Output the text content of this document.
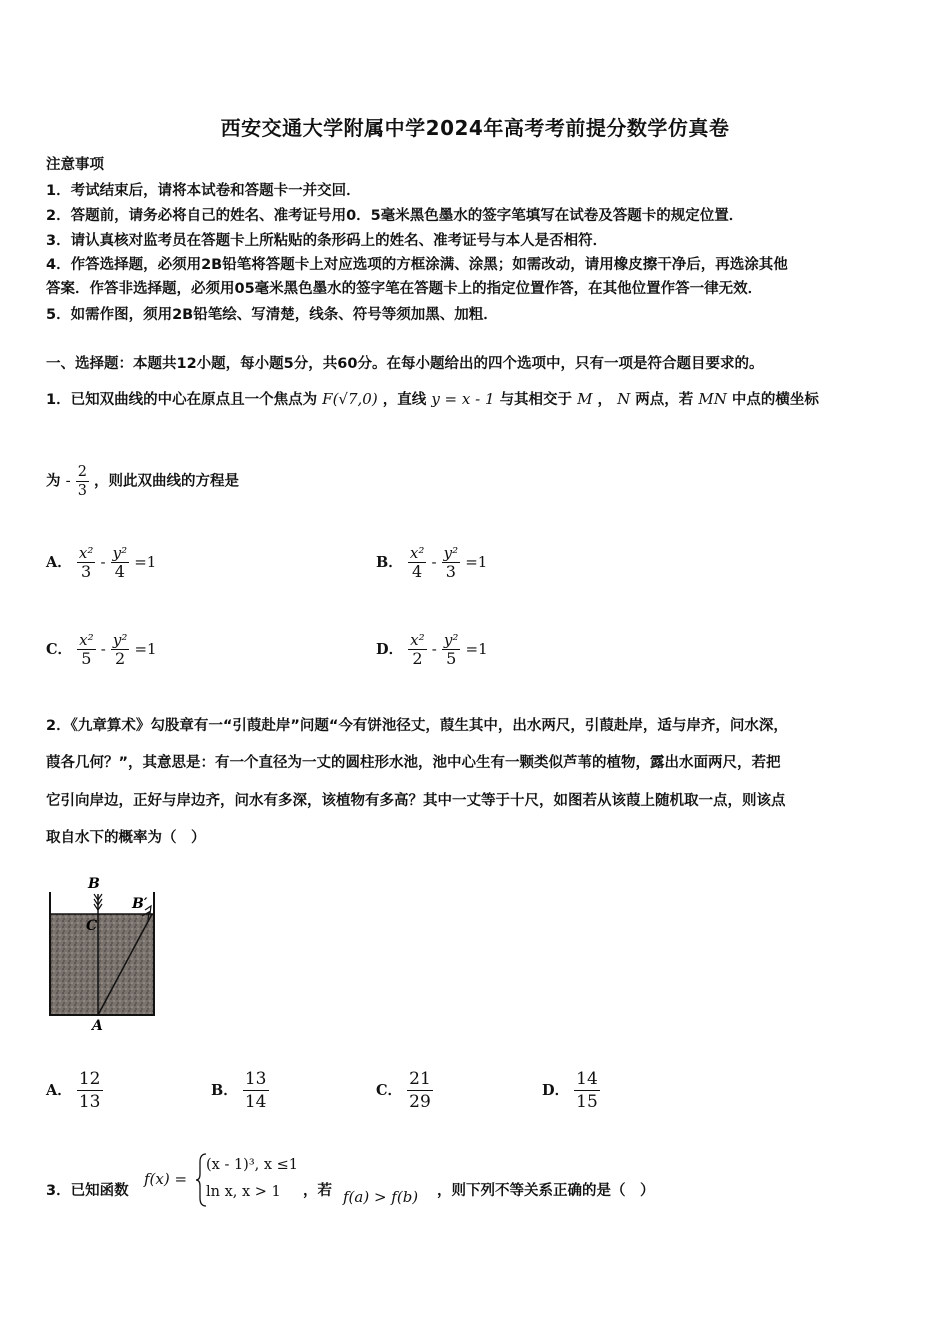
西安交通大学附属中学2024年高考考前提分数学仿真卷
注意事项
1．考试结束后，请将本试卷和答题卡一并交回．
2．答题前，请务必将自己的姓名、准考证号用0．5毫米黑色墨水的签字笔填写在试卷及答题卡的规定位置．
3．请认真核对监考员在答题卡上所粘贴的条形码上的姓名、准考证号与本人是否相符．
4．作答选择题，必须用2B铅笔将答题卡上对应选项的方框涂满、涂黑；如需改动，请用橡皮擦干净后，再选涂其他
答案．作答非选择题，必须用05毫米黑色墨水的签字笔在答题卡上的指定位置作答，在其他位置作答一律无效．
5．如需作图，须用2B铅笔绘、写清楚，线条、符号等须加黑、加粗．
一、选择题：本题共12小题，每小题5分，共60分。在每小题给出的四个选项中，只有一项是符合题目要求的。
1．已知双曲线的中心在原点且一个焦点为 F(√7,0) ，直线 y = x - 1 与其相交于 M ， N 两点，若 MN 中点的横坐标
为 - $\frac{2}{3}$ ，则此双曲线的方程是
A． $\frac{\text{x²}}{3} - \frac{\text{y²}}{4} =1$	B． $\frac{\text{x²}}{4} - \frac{\text{y²}}{3} =1$
C． $\frac{\text{x²}}{5} - \frac{\text{y²}}{2} =1$	D． $\frac{\text{x²}}{2} - \frac{\text{y²}}{5} =1$
2．《九章算术》勾股章有一“引葭赴岸”问题“今有饼池径丈，葭生其中，出水两尺，引葭赴岸，适与岸齐，问水深，
葭各几何？”，其意思是：有一个直径为一丈的圆柱形水池，池中心生有一颗类似芦苇的植物，露出水面两尺，若把
它引向岸边，正好与岸边齐，问水有多深，该植物有多高？其中一丈等于十尺，如图若从该葭上随机取一点，则该点
取自水下的概率为（　）
B
B′
C
A
A． $\frac{12}{13}$	B． $\frac{13}{14}$	C． $\frac{21}{29}$	D． $\frac{14}{15}$
3．已知函数
f(x) =
(x - 1)³, x ≤1
ln x, x > 1 ，若 f(a) > f(b) ，则下列不等关系正确的是（　）
